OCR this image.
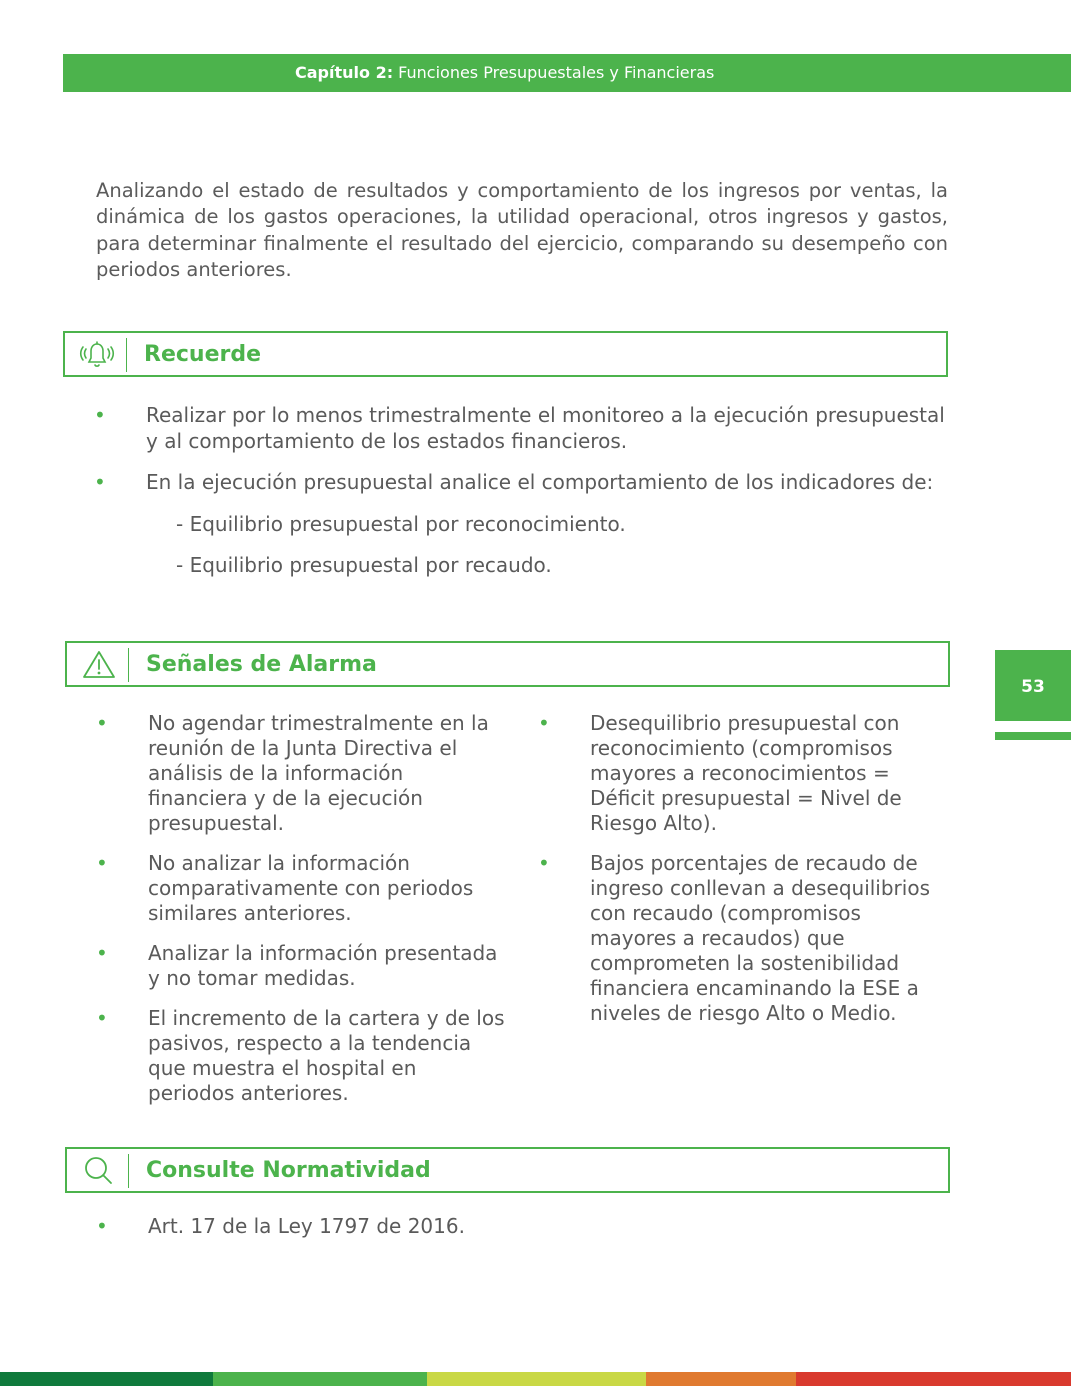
Capítulo 2: Funciones Presupuestales y Financieras

Analizando el estado de resultados y comportamiento de los ingresos por ventas, la dinámica de los gastos operaciones, la utilidad operacional, otros ingresos y gastos, para determinar finalmente el resultado del ejercicio, comparando su desempeño con periodos anteriores.

Recuerde
• Realizar por lo menos trimestralmente el monitoreo a la ejecución presupuestal y al comportamiento de los estados financieros.
• En la ejecución presupuestal analice el comportamiento de los indicadores de:
- Equilibrio presupuestal por reconocimiento.
- Equilibrio presupuestal por recaudo.
Señales de Alarma
• No agendar trimestralmente en la reunión de la Junta Directiva el análisis de la información financiera y de la ejecución presupuestal.
• No analizar la información comparativamente con periodos similares anteriores.
• Analizar la información presentada y no tomar medidas.
• El incremento de la cartera y de los pasivos, respecto a la tendencia que muestra el hospital en periodos anteriores.
• Desequilibrio presupuestal con reconocimiento (compromisos mayores a reconocimientos = Déficit presupuestal = Nivel de Riesgo Alto).
• Bajos porcentajes de recaudo de ingreso conllevan a desequilibrios con recaudo (compromisos mayores a recaudos) que comprometen la sostenibilidad financiera encaminando la ESE a niveles de riesgo Alto o Medio.
Consulte Normatividad
• Art. 17 de la Ley 1797 de 2016.
53
